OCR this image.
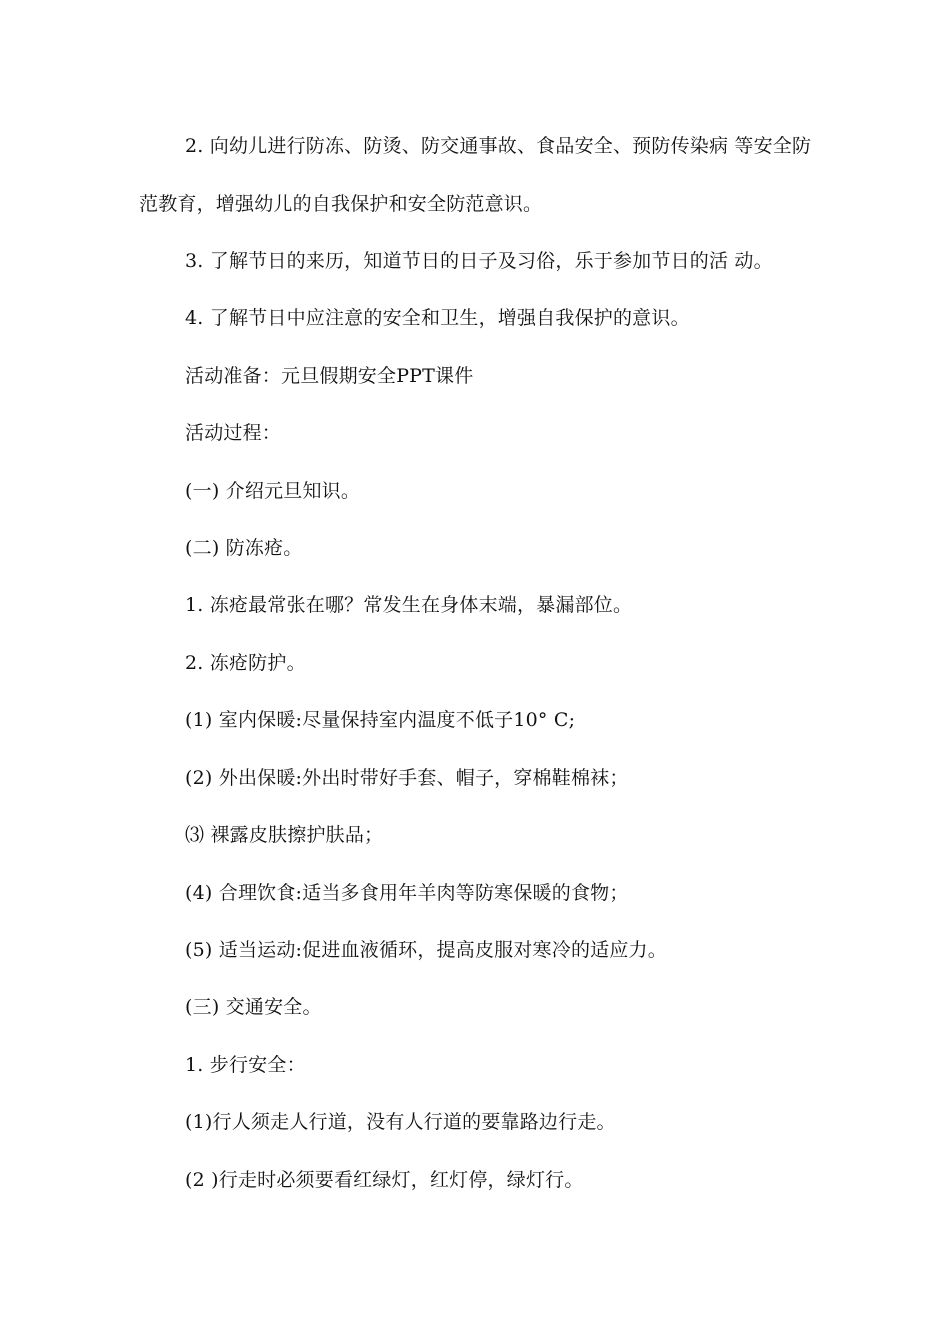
2. 向幼儿进行防冻、防烫、防交通事故、食品安全、预防传染病 等安全防
范教育，增强幼儿的自我保护和安全防范意识。
3. 了解节日的来历，知道节日的日子及习俗，乐于参加节日的活 动。
4. 了解节日中应注意的安全和卫生，增强自我保护的意识。
活动准备：元旦假期安全PPT课件
活动过程：
(一) 介绍元旦知识。
(二) 防冻疮。
1. 冻疮最常张在哪？常发生在身体末端，暴漏部位。
2. 冻疮防护。
(1) 室内保暖:尽量保持室内温度不低子10° C;
(2) 外出保暖:外出时带好手套、帽子，穿棉鞋棉袜；
⑶ 裸露皮肤擦护肤品；
(4) 合理饮食:适当多食用年羊肉等防寒保暖的食物；
(5) 适当运动:促进血液循环，提高皮服对寒冷的适应力。
(三) 交通安全。
1. 步行安全：
(1)行人须走人行道，没有人行道的要靠路边行走。
(2 )行走时必须要看红绿灯，红灯停，绿灯行。
